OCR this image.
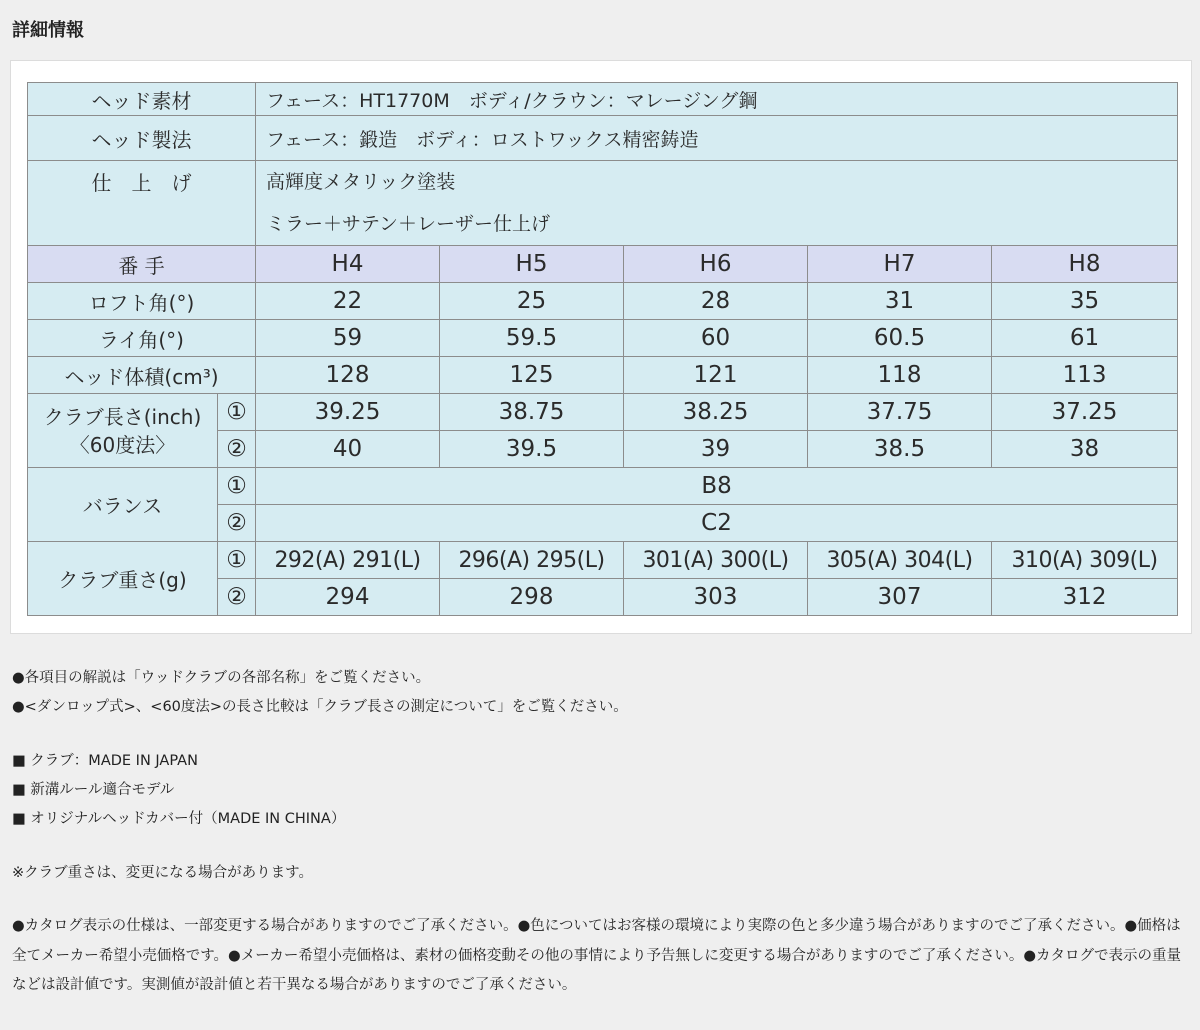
詳細情報
ヘッド素材		フェース：HT1770M　ボディ/クラウン：マレージング鋼				
ヘッド製法		フェース：鍛造　ボディ：ロストワックス精密鋳造				
仕　上　げ		高輝度メタリック塗装
ミラー＋サテン＋レーザー仕上げ				

番 手		H4	H5	H6	H7	H8
ロフト角(°)		22	25	28	31	35
ライ角(°)		59	59.5	60	60.5	61
ヘッド体積(cm³)		128	125	121	118	113

クラブ長さ(inch)
〈60度法〉	①	39.25	38.75	38.25	37.75	37.25
	②	40	39.5	39	38.5	38
バランス	①	B8				
	②	C2				
クラブ重さ(g)	①	292(A) 291(L)	296(A) 295(L)	301(A) 300(L)	305(A) 304(L)	310(A) 309(L)
	②	294	298	303	307	312

●各項目の解説は「ウッドクラブの各部名称」をご覧ください。

●<ダンロップ式>、<60度法>の長さ比較は「クラブ長さの測定について」をご覧ください。

■ クラブ：MADE IN JAPAN

■ 新溝ルール適合モデル

■ オリジナルヘッドカバー付（MADE IN CHINA）

※クラブ重さは、変更になる場合があります。

●カタログ表示の仕様は、一部変更する場合がありますのでご了承ください。●色についてはお客様の環境により実際の色と多少違う場合がありますのでご了承ください。●価格は全てメーカー希望小売価格です。●メーカー希望小売価格は、素材の価格変動その他の事情により予告無しに変更する場合がありますのでご了承ください。●カタログで表示の重量などは設計値です。実測値が設計値と若干異なる場合がありますのでご了承ください。
